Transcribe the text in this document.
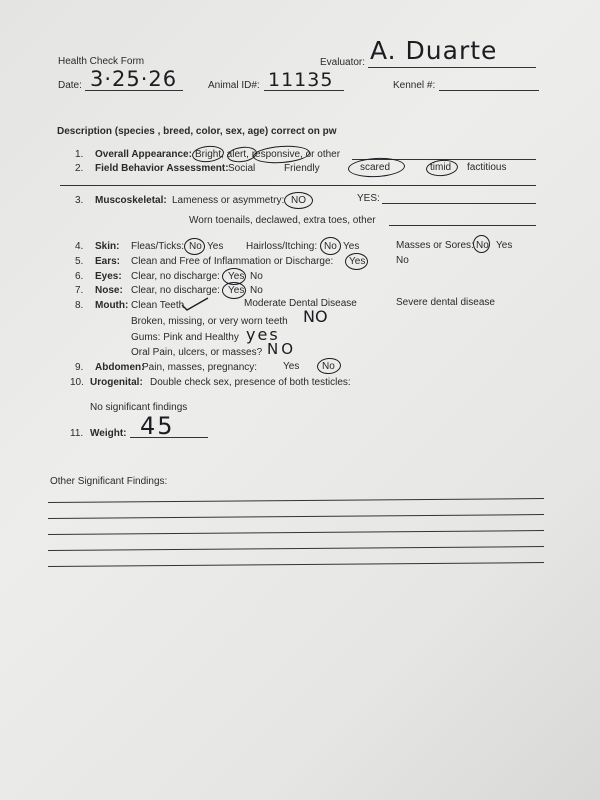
Health Check Form	Evaluator: A. Duarte
Date: 3·25·26	Animal ID#: 11135	Kennel #:
Description (species , breed, color, sex, age) correct on pw
1. Overall Appearance: Bright, alert, responsive, or other
2. Field Behavior Assessment: Social	Friendly	scared	timid factitious
3. Muscoskeletal: Lameness or asymmetry: NO	YES:
Worn toenails, declawed, extra toes, other
4. Skin: Fleas/Ticks: No Yes Hairloss/Itching: No Yes	Masses or Sores: No Yes
5. Ears: Clean and Free of Inflammation or Discharge: Yes	No
6. Eyes: Clear, no discharge: Yes No
7. Nose: Clear, no discharge: Yes No
8. Mouth: Clean Teeth	Moderate Dental Disease	Severe dental disease
Broken, missing, or very worn teeth NO
Gums: Pink and Healthy yes
Oral Pain, ulcers, or masses? NO
9. Abdomen:
Pain, masses, pregnancy:	Yes No
10. Urogenital: Double check sex, presence of both testicles:
No significant findings
11. Weight: 45
Other Significant Findings:
